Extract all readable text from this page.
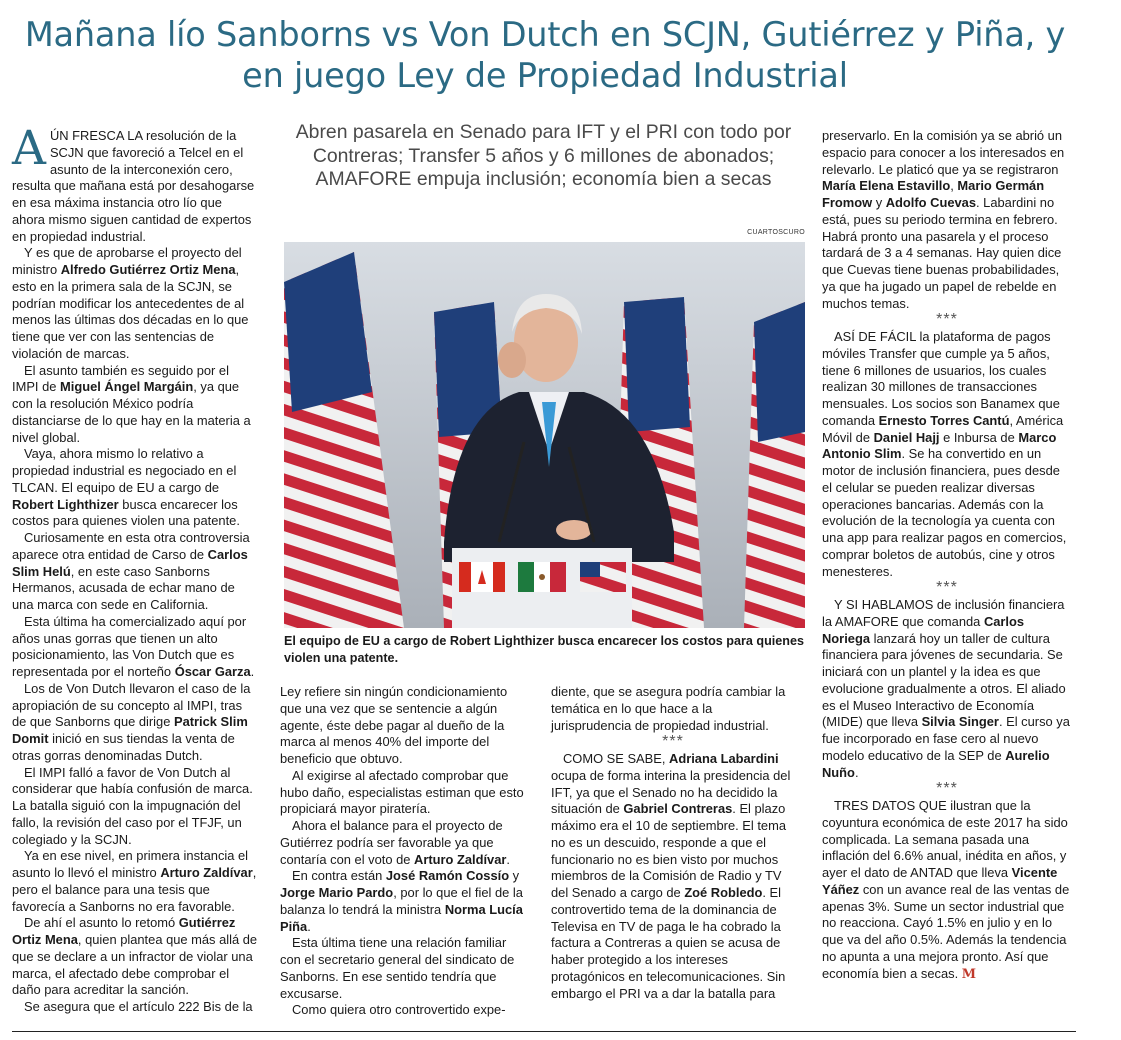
Mañana lío Sanborns vs Von Dutch en SCJN, Gutiérrez y Piña, y en juego Ley de Propiedad Industrial

AÚN FRESCA LA resolución de la SCJN que favoreció a Telcel en el asunto de la interconexión cero, resulta que mañana está por desahogarse en esa máxima instancia otro lío que ahora mismo siguen cantidad de expertos en propiedad industrial.

Y es que de aprobarse el proyecto del ministro Alfredo Gutiérrez Ortiz Mena, esto en la primera sala de la SCJN, se podrían modificar los antecedentes de al menos las últimas dos décadas en lo que tiene que ver con las sentencias de violación de marcas.

El asunto también es seguido por el IMPI de Miguel Ángel Margáin, ya que con la resolución México podría distanciarse de lo que hay en la materia a nivel global.

Vaya, ahora mismo lo relativo a propiedad industrial es negociado en el TLCAN. El equipo de EU a cargo de Robert Lighthizer busca encarecer los costos para quienes violen una patente.

Curiosamente en esta otra controversia aparece otra entidad de Carso de Carlos Slim Helú, en este caso Sanborns Hermanos, acusada de echar mano de una marca con sede en California.

Esta última ha comercializado aquí por años unas gorras que tienen un alto posicionamiento, las Von Dutch que es representada por el norteño Óscar Garza.

Los de Von Dutch llevaron el caso de la apropiación de su concepto al IMPI, tras de que Sanborns que dirige Patrick Slim Domit inició en sus tiendas la venta de otras gorras denominadas Dutch.

El IMPI falló a favor de Von Dutch al considerar que había confusión de marca. La batalla siguió con la impugnación del fallo, la revisión del caso por el TFJF, un colegiado y la SCJN.

Ya en ese nivel, en primera instancia el asunto lo llevó el ministro Arturo Zaldívar, pero el balance para una tesis que favorecía a Sanborns no era favorable.

De ahí el asunto lo retomó Gutiérrez Ortiz Mena, quien plantea que más allá de que se declare a un infractor de violar una marca, el afectado debe comprobar el daño para acreditar la sanción.

Se asegura que el artículo 222 Bis de la

Abren pasarela en Senado para IFT y el PRI con todo por Contreras; Transfer 5 años y 6 millones de abonados; AMAFORE empuja inclusión; economía bien a secas
CUARTOSCURO
El equipo de EU a cargo de Robert Lighthizer busca encarecer los costos para quienes violen una patente.

Ley refiere sin ningún condicionamiento que una vez que se sentencie a algún agente, éste debe pagar al dueño de la marca al menos 40% del importe del beneficio que obtuvo.

Al exigirse al afectado comprobar que hubo daño, especialistas estiman que esto propiciará mayor piratería.

Ahora el balance para el proyecto de Gutiérrez podría ser favorable ya que contaría con el voto de Arturo Zaldívar.

En contra están José Ramón Cossío y Jorge Mario Pardo, por lo que el fiel de la balanza lo tendrá la ministra Norma Lucía Piña.

Esta última tiene una relación familiar con el secretario general del sindicato de Sanborns. En ese sentido tendría que excusarse.

Como quiera otro controvertido expe-

diente, que se asegura podría cambiar la temática en lo que hace a la jurisprudencia de propiedad industrial.

***

COMO SE SABE, Adriana Labardini ocupa de forma interina la presidencia del IFT, ya que el Senado no ha decidido la situación de Gabriel Contreras. El plazo máximo era el 10 de septiembre. El tema no es un descuido, responde a que el funcionario no es bien visto por muchos miembros de la Comisión de Radio y TV del Senado a cargo de Zoé Robledo. El controvertido tema de la dominancia de Televisa en TV de paga le ha cobrado la factura a Contreras a quien se acusa de haber protegido a los intereses protagónicos en telecomunicaciones. Sin embargo el PRI va a dar la batalla para

preservarlo. En la comisión ya se abrió un espacio para conocer a los interesados en relevarlo. Le platicó que ya se registraron María Elena Estavillo, Mario Germán Fromow y Adolfo Cuevas. Labardini no está, pues su periodo termina en febrero. Habrá pronto una pasarela y el proceso tardará de 3 a 4 semanas. Hay quien dice que Cuevas tiene buenas probabilidades, ya que ha jugado un papel de rebelde en muchos temas.

***

ASÍ DE FÁCIL la plataforma de pagos móviles Transfer que cumple ya 5 años, tiene 6 millones de usuarios, los cuales realizan 30 millones de transacciones mensuales. Los socios son Banamex que comanda Ernesto Torres Cantú, América Móvil de Daniel Hajj e Inbursa de Marco Antonio Slim. Se ha convertido en un motor de inclusión financiera, pues desde el celular se pueden realizar diversas operaciones bancarias. Además con la evolución de la tecnología ya cuenta con una app para realizar pagos en comercios, comprar boletos de autobús, cine y otros menesteres.

***

Y SI HABLAMOS de inclusión financiera la AMAFORE que comanda Carlos Noriega lanzará hoy un taller de cultura financiera para jóvenes de secundaria. Se iniciará con un plantel y la idea es que evolucione gradualmente a otros. El aliado es el Museo Interactivo de Economía (MIDE) que lleva Silvia Singer. El curso ya fue incorporado en fase cero al nuevo modelo educativo de la SEP de Aurelio Nuño.

***

TRES DATOS QUE ilustran que la coyuntura económica de este 2017 ha sido complicada. La semana pasada una inflación del 6.6% anual, inédita en años, y ayer el dato de ANTAD que lleva Vicente Yáñez con un avance real de las ventas de apenas 3%. Sume un sector industrial que no reacciona. Cayó 1.5% en julio y en lo que va del año 0.5%. Además la tendencia no apunta a una mejora pronto. Así que economía bien a secas. M
